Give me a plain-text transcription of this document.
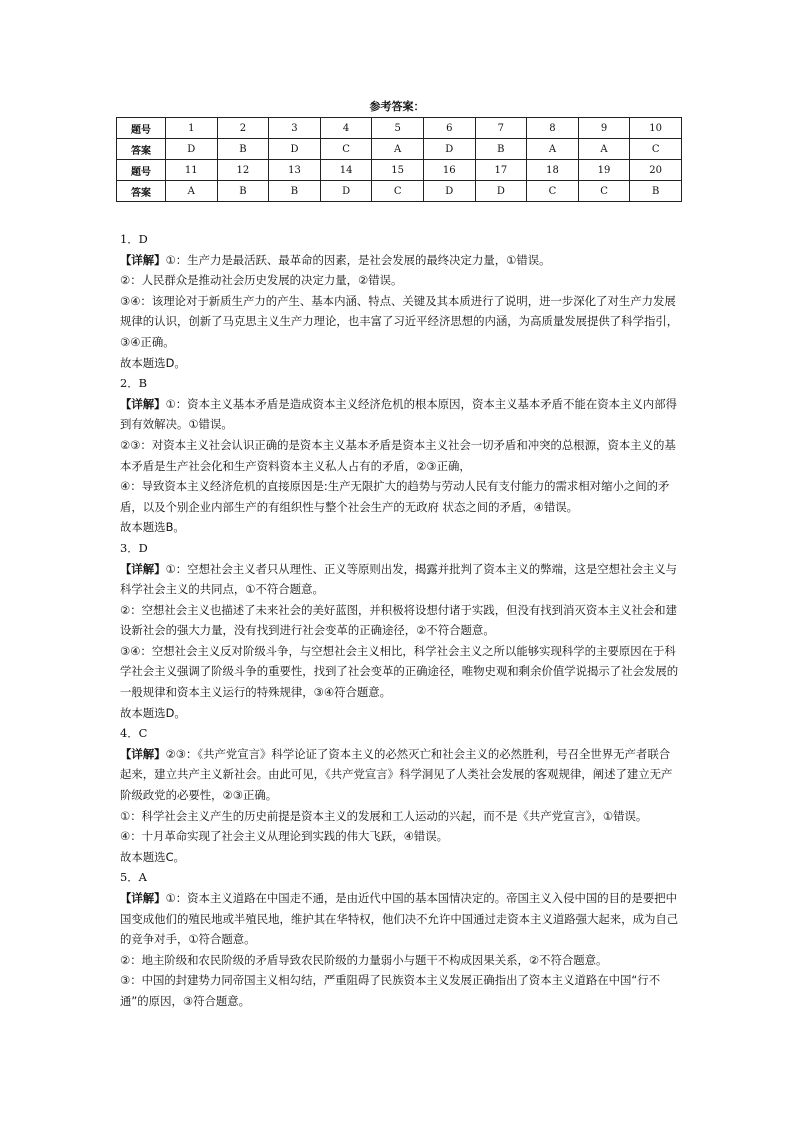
参考答案：
题号	1	2	3	4	5	6	7	8	9	10
答案	D	B	D	C	A	D	B	A	A	C
题号	11	12	13	14	15	16	17	18	19	20
答案	A	B	B	D	C	D	D	C	C	B

1．D

【详解】①：生产力是最活跃、最革命的因素，是社会发展的最终决定力量，①错误。

②：人民群众是推动社会历史发展的决定力量，②错误。

③④：该理论对于新质生产力的产生、基本内涵、特点、关键及其本质进行了说明，进一步深化了对生产力发展规律的认识，创新了马克思主义生产力理论，也丰富了习近平经济思想的内涵，为高质量发展提供了科学指引，③④正确。

故本题选D。

2．B

【详解】①：资本主义基本矛盾是造成资本主义经济危机的根本原因，资本主义基本矛盾不能在资本主义内部得到有效解决。①错误。

②③：对资本主义社会认识正确的是资本主义基本矛盾是资本主义社会一切矛盾和冲突的总根源，资本主义的基本矛盾是生产社会化和生产资料资本主义私人占有的矛盾，②③正确，

④：导致资本主义经济危机的直接原因是:生产无限扩大的趋势与劳动人民有支付能力的需求相对缩小之间的矛盾，以及个别企业内部生产的有组织性与整个社会生产的无政府 状态之间的矛盾，④错误。

故本题选B。

3．D

【详解】①：空想社会主义者只从理性、正义等原则出发，揭露并批判了资本主义的弊端，这是空想社会主义与科学社会主义的共同点，①不符合题意。

②：空想社会主义也描述了未来社会的美好蓝图，并积极将设想付诸于实践，但没有找到消灭资本主义社会和建设新社会的强大力量，没有找到进行社会变革的正确途径，②不符合题意。

③④：空想社会主义反对阶级斗争，与空想社会主义相比，科学社会主义之所以能够实现科学的主要原因在于科学社会主义强调了阶级斗争的重要性，找到了社会变革的正确途径，唯物史观和剩余价值学说揭示了社会发展的一般规律和资本主义运行的特殊规律，③④符合题意。

故本题选D。

4．C

【详解】②③：《共产党宣言》科学论证了资本主义的必然灭亡和社会主义的必然胜利，号召全世界无产者联合起来，建立共产主义新社会。由此可见，《共产党宣言》科学洞见了人类社会发展的客观规律，阐述了建立无产阶级政党的必要性，②③正确。

①：科学社会主义产生的历史前提是资本主义的发展和工人运动的兴起，而不是《共产党宣言》，①错误。

④：十月革命实现了社会主义从理论到实践的伟大飞跃，④错误。

故本题选C。

5．A

【详解】①：资本主义道路在中国走不通，是由近代中国的基本国情决定的。帝国主义入侵中国的目的是要把中国变成他们的殖民地或半殖民地，维护其在华特权，他们决不允许中国通过走资本主义道路强大起来，成为自己的竞争对手，①符合题意。

②：地主阶级和农民阶级的矛盾导致农民阶级的力量弱小与题干不构成因果关系，②不符合题意。

③：中国的封建势力同帝国主义相勾结，严重阻碍了民族资本主义发展正确指出了资本主义道路在中国“行不通”的原因，③符合题意。
